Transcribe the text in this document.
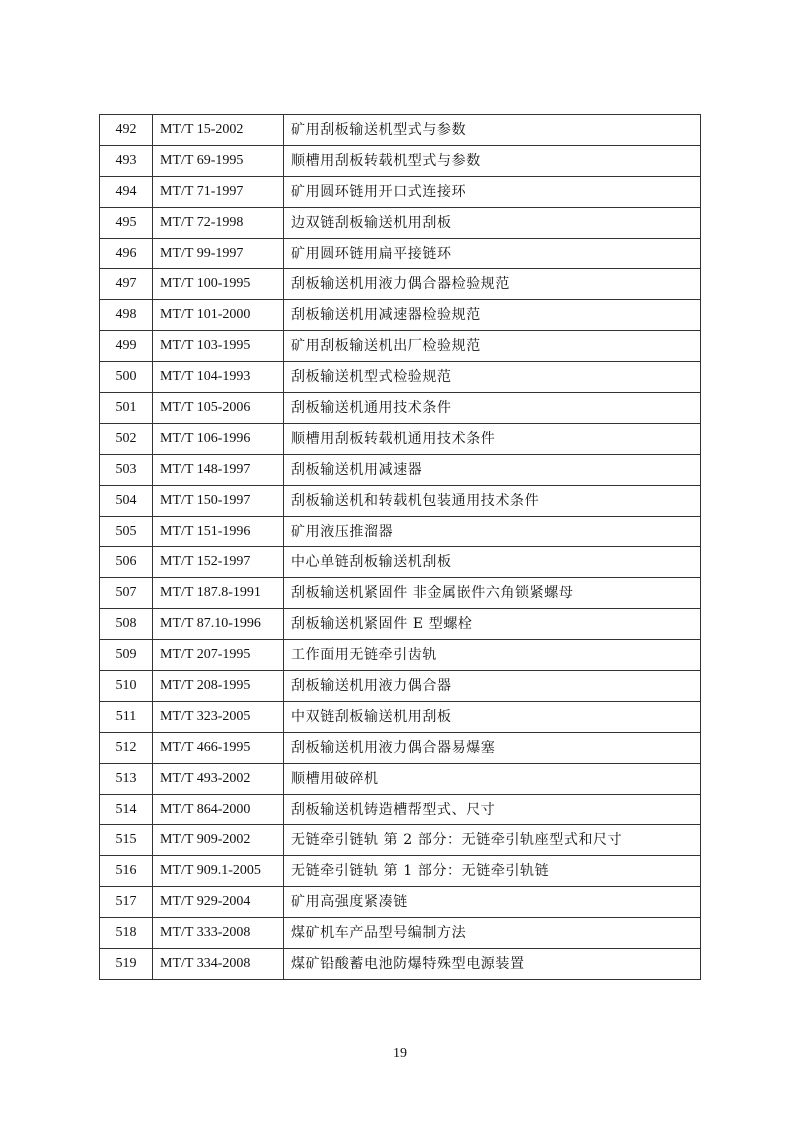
492	MT/T 15-2002	矿用刮板输送机型式与参数
493	MT/T 69-1995	顺槽用刮板转载机型式与参数
494	MT/T 71-1997	矿用圆环链用开口式连接环
495	MT/T 72-1998	边双链刮板输送机用刮板
496	MT/T 99-1997	矿用圆环链用扁平接链环
497	MT/T 100-1995	刮板输送机用液力偶合器检验规范
498	MT/T 101-2000	刮板输送机用减速器检验规范
499	MT/T 103-1995	矿用刮板输送机出厂检验规范
500	MT/T 104-1993	刮板输送机型式检验规范
501	MT/T 105-2006	刮板输送机通用技术条件
502	MT/T 106-1996	顺槽用刮板转载机通用技术条件
503	MT/T 148-1997	刮板输送机用减速器
504	MT/T 150-1997	刮板输送机和转载机包装通用技术条件
505	MT/T 151-1996	矿用液压推溜器
506	MT/T 152-1997	中心单链刮板输送机刮板
507	MT/T 187.8-1991	刮板输送机紧固件 非金属嵌件六角锁紧螺母
508	MT/T 87.10-1996	刮板输送机紧固件 E 型螺栓
509	MT/T 207-1995	工作面用无链牵引齿轨
510	MT/T 208-1995	刮板输送机用液力偶合器
511	MT/T 323-2005	中双链刮板输送机用刮板
512	MT/T 466-1995	刮板输送机用液力偶合器易爆塞
513	MT/T 493-2002	顺槽用破碎机
514	MT/T 864-2000	刮板输送机铸造槽帮型式、尺寸
515	MT/T 909-2002	无链牵引链轨 第 2 部分：无链牵引轨座型式和尺寸
516	MT/T 909.1-2005	无链牵引链轨 第 1 部分：无链牵引轨链
517	MT/T 929-2004	矿用高强度紧凑链
518	MT/T 333-2008	煤矿机车产品型号编制方法
519	MT/T 334-2008	煤矿铅酸蓄电池防爆特殊型电源装置
19
